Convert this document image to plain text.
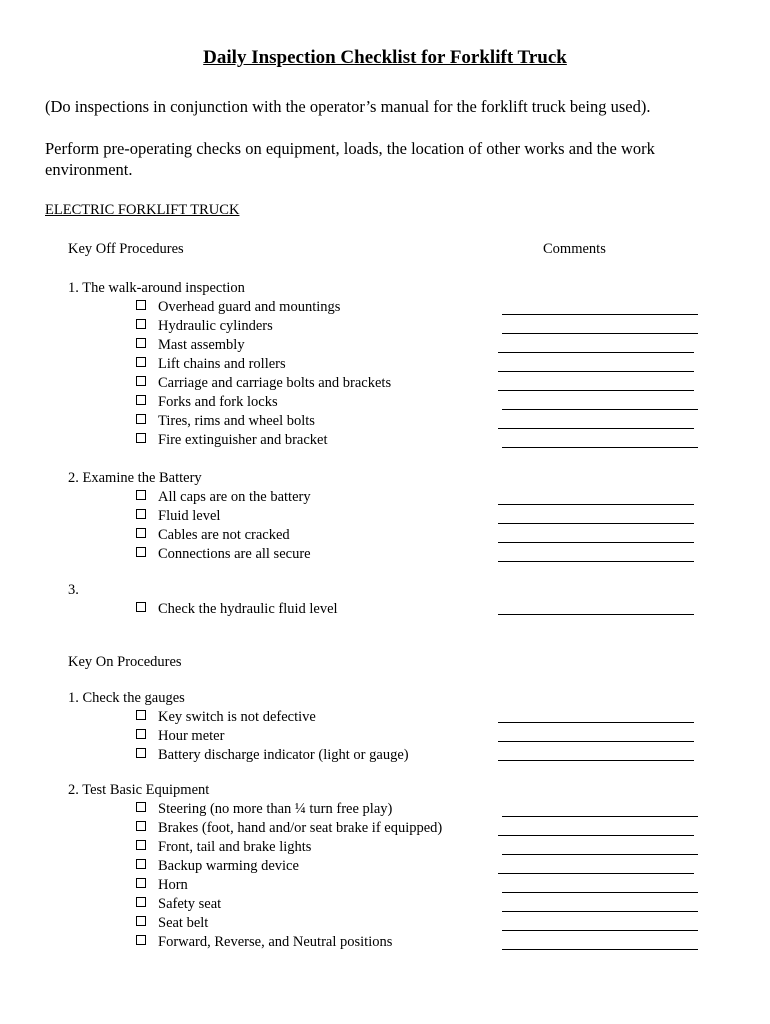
Daily Inspection Checklist for Forklift Truck
(Do inspections in conjunction with the operator’s manual for the forklift truck being used).
Perform pre-operating checks on equipment, loads, the location of other works and the work
environment.
ELECTRIC FORKLIFT TRUCK
Key Off Procedures	Comments
1. The walk-around inspection
Overhead guard and mountings
Hydraulic cylinders
Mast assembly
Lift chains and rollers
Carriage and carriage bolts and brackets
Forks and fork locks
Tires, rims and wheel bolts
Fire extinguisher and bracket
2. Examine the Battery
All caps are on the battery
Fluid level
Cables are not cracked
Connections are all secure
3.
Check the hydraulic fluid level
Key On Procedures
1. Check the gauges
Key switch is not defective
Hour meter
Battery discharge indicator (light or gauge)
2. Test Basic Equipment
Steering (no more than ¼ turn free play)
Brakes (foot, hand and/or seat brake if equipped)
Front, tail and brake lights
Backup warming device
Horn
Safety seat
Seat belt
Forward, Reverse, and Neutral positions
